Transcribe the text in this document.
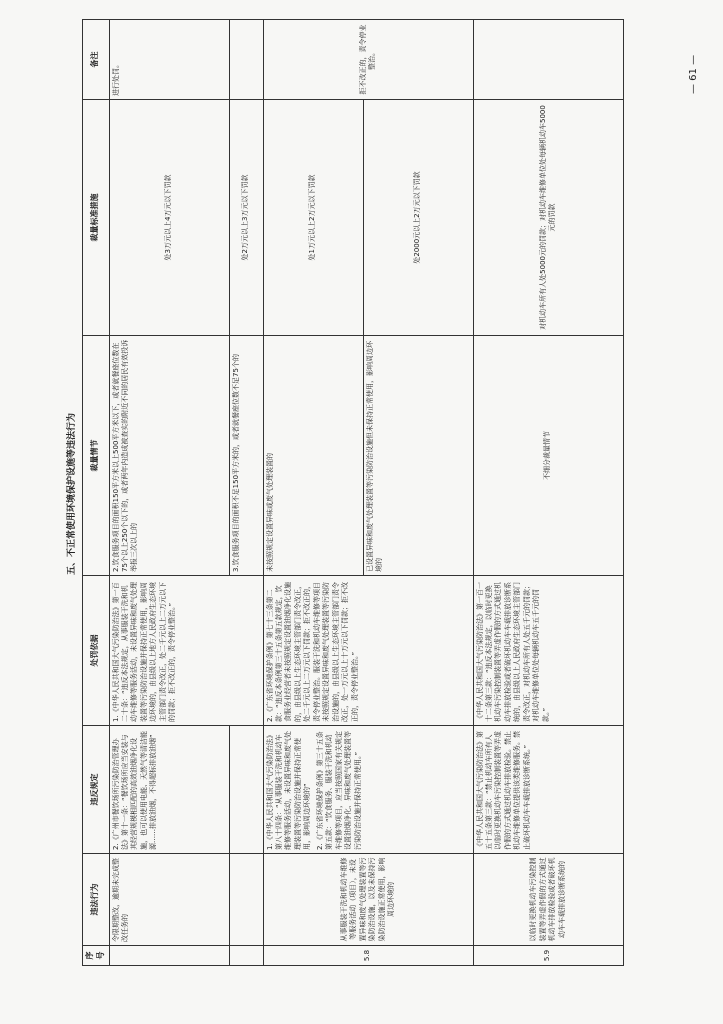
五、不正常使用环境保护设施等违法行为
序号	违法行为	违反规定	处罚依据	裁量情节	裁量标准措施	备注
	令限期整改，逾期未完成整改任务的	2.《广州市餐饮场所污染防治管理办法》第十一条：“餐饮场所应当安装与其经营规模相匹配的高效油烟净化设施，也可以使用电能、天然气等清洁能源……排放油烟，不得超标排放油烟”	1.《中华人民共和国大气污染防治法》第一百二十条：“违反本法规定，从事服装干洗和机动车维修等服务活动，未设置异味和废气处理装置等污染防治设施并保持正常使用，影响周边环境的，由县级以上地方人民政府生态环境主管部门责令改正，处二千元以上二万元以下的罚款；拒不改正的，责令停业整治。”	2.饮食服务项目的面积150平方米以上500平方米以下，或者就餐座位数在75个以上250个以下的，或者两年内造成被查实的附近不同的居民有效投诉举报三次以上的	处3万元以上4万元以下罚款	进行处罚。
				3.饮食服务项目的面积不足150平方米的，或者就餐座位数不足75个的	处2万元以上3万元以下罚款	
5.8	从事服装干洗和机动车维修等服务活动（项目），未设置异味和废气处理装置等污染防治设施，以及未保持污染防治设施正常使用，影响周边环境的	1.《中华人民共和国大气污染防治法》第八十四条：“从事服装干洗和机动车维修等服务活动，未设置异味和废气处理装置等污染防治设施并保持正常使用，影响周边环境的” 2.《广东省环境保护条例》第三十五条第五款：“饮食服务、服装干洗和机动车维修等项目，应当按照国家有关规定设置油烟净化、异味和废气处理装置等污染防治设施并保持正常使用。”	2.《广东省环境保护条例》第七十三条第二款：“违反本条例第三十五条第五款规定，饮食服务业经营者未按照规定设置油烟净化设施的，由县级以上生态环境主管部门责令改正，处二千元以上二万元以下罚款；拒不改正的，责令停业整治。服装干洗和机动车维修等项目未按照规定设置异味和废气处理装置等污染防治设施的，由县级以上生态环境主管部门责令改正，处一万元以上十万元以下罚款；拒不改正的，责令停业整治。”	未按照规定设置异味或废气处理装置的	处1万元以上2万元以下罚款	拒不改正的，责令停业整治。
				已设置异味和废气处理装置等污染防治设施但未保持正常使用，影响周边环境的	处2000元以上2万元以下罚款	
5.9	以临时更换机动车污染控制装置等弄虚作假的方式通过机动车排放检验或者破坏机动车车载排放诊断系统的	《中华人民共和国大气污染防治法》第五十五条第三款：“禁止机动车所有人以临时更换机动车污染控制装置等弄虚作假的方式通过机动车排放检验。禁止机动车维修单位提供该类维修服务。禁止破坏机动车车载排放诊断系统。”	《中华人民共和国大气污染防治法》第一百一十二条第三款：“违反本法规定，以临时更换机动车污染控制装置等弄虚作假的方式通过机动车排放检验或者破坏机动车车载排放诊断系统的，由县级以上人民政府生态环境主管部门责令改正，对机动车所有人处五千元的罚款；对机动车维修单位处每辆机动车五千元的罚款。”	不细分裁量情节	对机动车所有人处5000元的罚款；对机动车维修单位处每辆机动车5000元的罚款	
— 61 —
